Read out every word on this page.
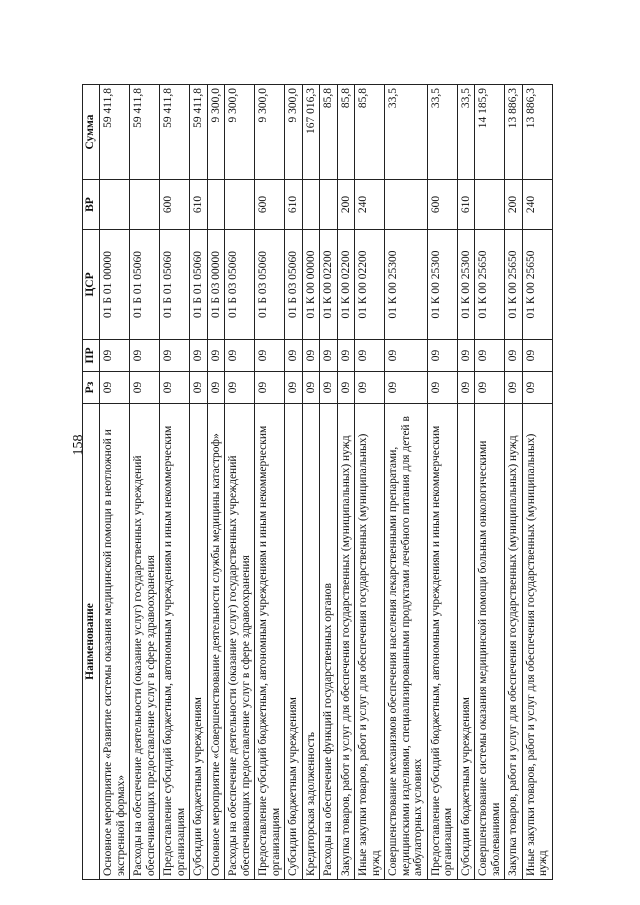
158
Наименование	Рз	ПР	ЦСР	ВР	Сумма
Основное мероприятие «Развитие системы оказания медицинской помощи в неотложной и экстренной формах»	09	09	01 Б 01 00000		59 411,8
Расходы на обеспечение деятельности (оказание услуг) государственных учреждений обеспечивающих предоставление услуг в сфере здравоохранения	09	09	01 Б 01 05060		59 411,8
Предоставление субсидий бюджетным, автономным учреждениям и иным некоммерческим организациям	09	09	01 Б 01 05060	600	59 411,8
Субсидии бюджетным учреждениям	09	09	01 Б 01 05060	610	59 411,8
Основное мероприятие «Совершенствование деятельности службы медицины катастроф»	09	09	01 Б 03 00000		9 300,0
Расходы на обеспечение деятельности (оказание услуг) государственных учреждений обеспечивающих предоставление услуг в сфере здравоохранения	09	09	01 Б 03 05060		9 300,0
Предоставление субсидий бюджетным, автономным учреждениям и иным некоммерческим организациям	09	09	01 Б 03 05060	600	9 300,0
Субсидии бюджетным учреждениям	09	09	01 Б 03 05060	610	9 300,0
Кредиторская задолженность	09	09	01 К 00 00000		167 016,3
Расходы на обеспечение функций государственных органов	09	09	01 К 00 02200		85,8
Закупка товаров, работ и услуг для обеспечения государственных (муниципальных) нужд	09	09	01 К 00 02200	200	85,8
Иные закупки товаров, работ и услуг для обеспечения государственных (муниципальных) нужд	09	09	01 К 00 02200	240	85,8
Совершенствование механизмов обеспечения населения лекарственными препаратами, медицинскими изделиями, специализированными продуктами лечебного питания для детей в амбулаторных условиях	09	09	01 К 00 25300		33,5
Предоставление субсидий бюджетным, автономным учреждениям и иным некоммерческим организациям	09	09	01 К 00 25300	600	33,5
Субсидии бюджетным учреждениям	09	09	01 К 00 25300	610	33,5
Совершенствование системы оказания медицинской помощи больным онкологическими заболеваниями	09	09	01 К 00 25650		14 185,9
Закупка товаров, работ и услуг для обеспечения государственных (муниципальных) нужд	09	09	01 К 00 25650	200	13 886,3
Иные закупки товаров, работ и услуг для обеспечения государственных (муниципальных) нужд	09	09	01 К 00 25650	240	13 886,3
